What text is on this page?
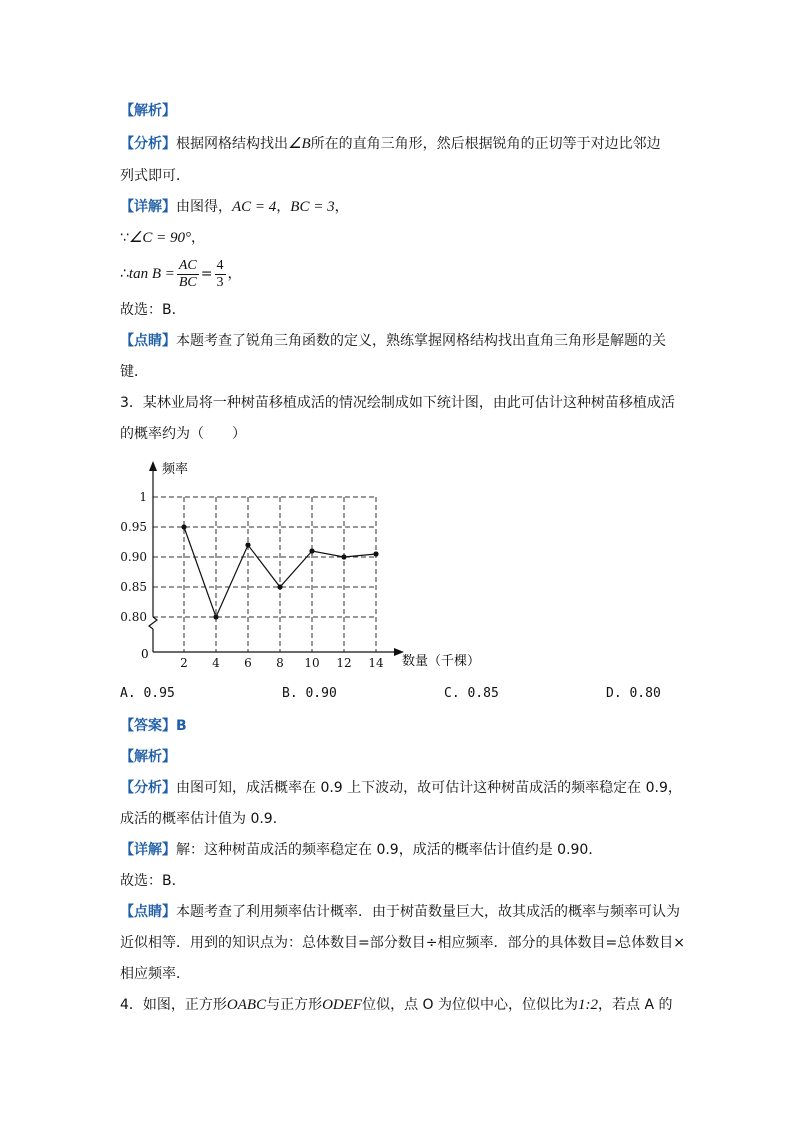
【解析】
【分析】根据网格结构找出∠B所在的直角三角形，然后根据锐角的正切等于对边比邻边
列式即可．
【详解】由图得，AC = 4，BC = 3，
∵∠C = 90°，
∴tan $B = \frac{AC}{BC} = \frac{4}{3}$ ，
故选：B．
【点睛】本题考查了锐角三角函数的定义，熟练掌握网格结构找出直角三角形是解题的关
键．
3．某林业局将一种树苗移植成活的情况绘制成如下统计图，由此可估计这种树苗移植成活
的概率约为（　　）
1
0.95
0.90
0.85
0.80
2 4 6 8 10 12 14
频率
数量（千棵）
0
A. 0.95	B. 0.90	C. 0.85	D. 0.80
【答案】B
【解析】
【分析】由图可知，成活概率在 0.9 上下波动，故可估计这种树苗成活的频率稳定在 0.9，
成活的概率估计值为 0.9．
【详解】解：这种树苗成活的频率稳定在 0.9，成活的概率估计值约是 0.90．
故选：B．
【点睛】本题考查了利用频率估计概率．由于树苗数量巨大，故其成活的概率与频率可认为
近似相等．用到的知识点为：总体数目=部分数目÷相应频率．部分的具体数目=总体数目×
相应频率．
4．如图，正方形OABC与正方形ODEF位似，点 O 为位似中心，位似比为1:2，若点 A 的
